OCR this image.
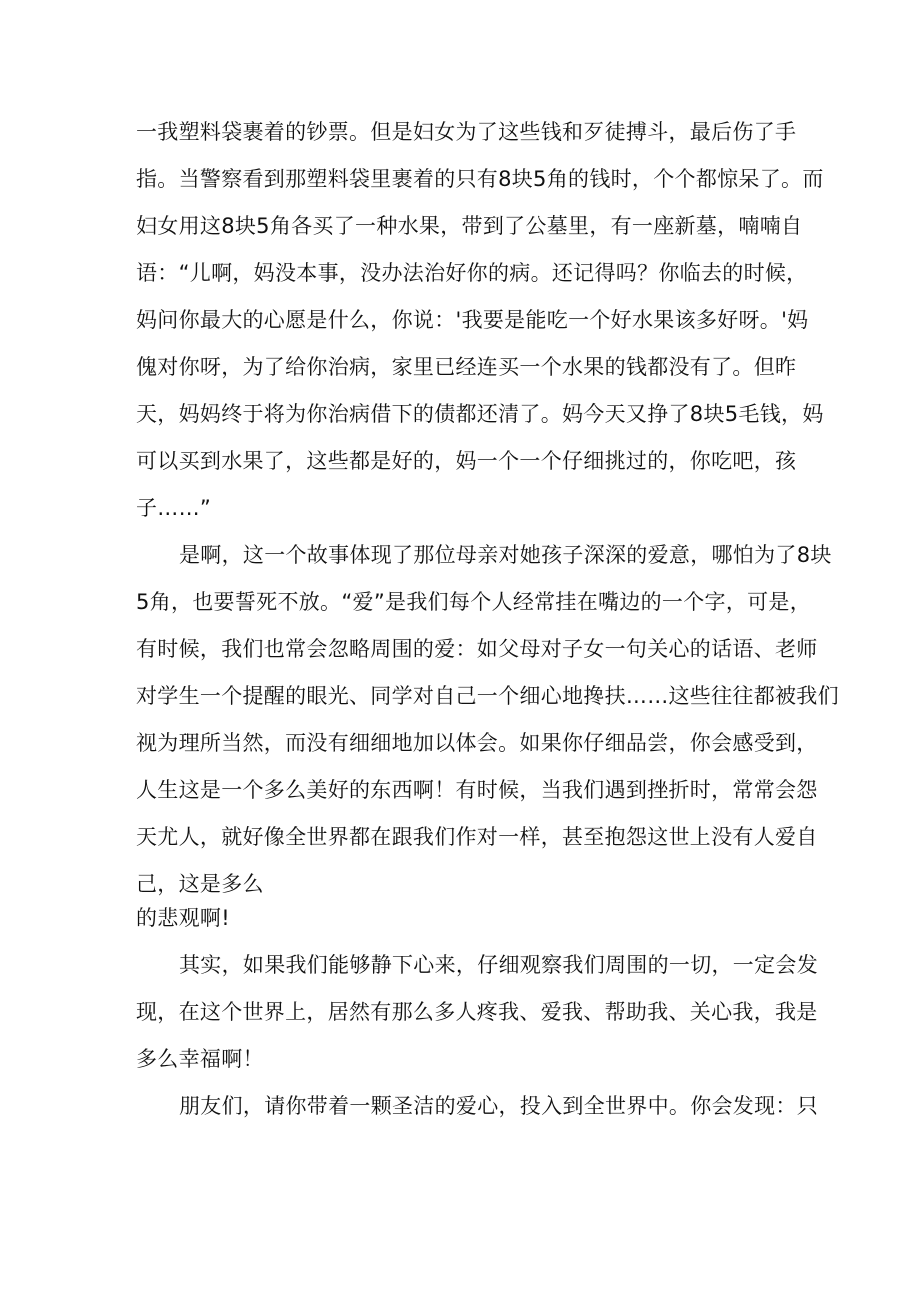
一我塑料袋裹着的钞票。但是妇女为了这些钱和歹徒搏斗，最后伤了手
指。当警察看到那塑料袋里裹着的只有8块5角的钱时，个个都惊呆了。而
妇女用这8块5角各买了一种水果，带到了公墓里，有一座新墓，喃喃自
语：“儿啊，妈没本事，没办法治好你的病。还记得吗？你临去的时候，
妈问你最大的心愿是什么，你说：'我要是能吃一个好水果该多好呀。'妈
傀对你呀，为了给你治病，家里已经连买一个水果的钱都没有了。但昨
天，妈妈终于将为你治病借下的债都还清了。妈今天又挣了8块5毛钱，妈
可以买到水果了，这些都是好的，妈一个一个仔细挑过的，你吃吧，孩
子……”
是啊，这一个故事体现了那位母亲对她孩子深深的爱意，哪怕为了8块
5角，也要誓死不放。“爱”是我们每个人经常挂在嘴边的一个字，可是，
有时候，我们也常会忽略周围的爱：如父母对子女一句关心的话语、老师
对学生一个提醒的眼光、同学对自己一个细心地搀扶……这些往往都被我们
视为理所当然，而没有细细地加以体会。如果你仔细品尝，你会感受到，
人生这是一个多么美好的东西啊！有时候，当我们遇到挫折时，常常会怨
天尤人，就好像全世界都在跟我们作对一样，甚至抱怨这世上没有人爱自
己，这是多么
的悲观啊!
其实，如果我们能够静下心来，仔细观察我们周围的一切，一定会发
现，在这个世界上，居然有那么多人疼我、爱我、帮助我、关心我，我是
多么幸福啊！
朋友们，请你带着一颗圣洁的爱心，投入到全世界中。你会发现：只
